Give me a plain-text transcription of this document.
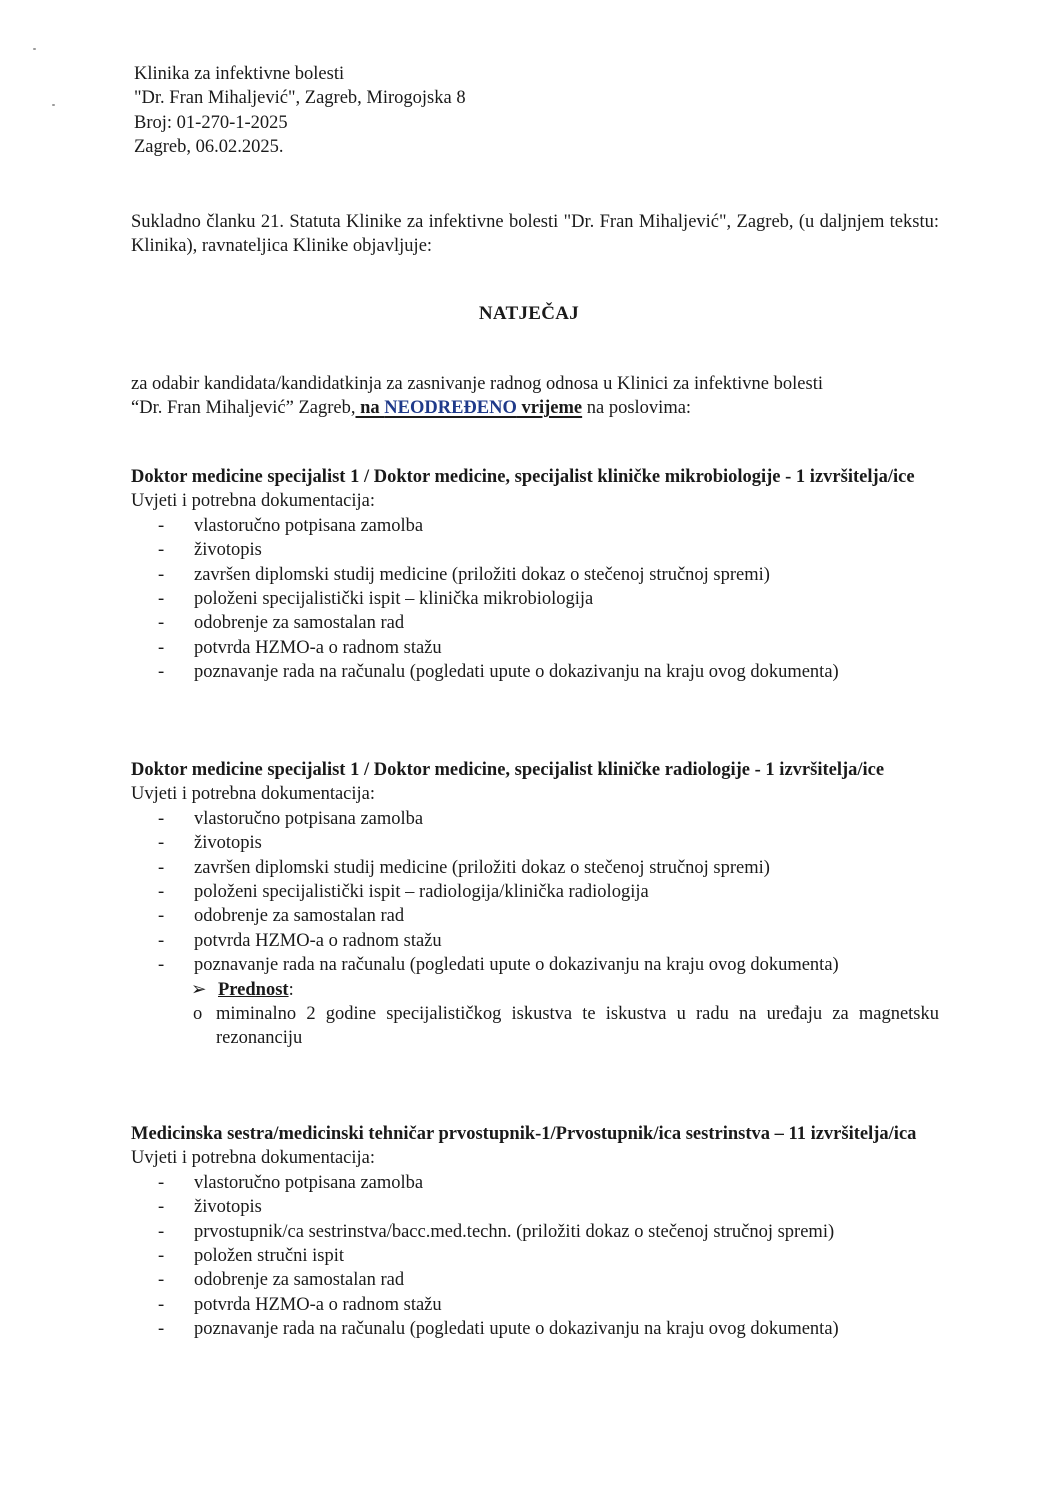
Klinika za infektivne bolesti
"Dr. Fran Mihaljević", Zagreb, Mirogojska 8
Broj: 01-270-1-2025
Zagreb, 06.02.2025.
Sukladno članku 21. Statuta Klinike za infektivne bolesti "Dr. Fran Mihaljević", Zagreb, (u daljnjem tekstu: Klinika), ravnateljica Klinike objavljuje:
NATJEČAJ
za odabir kandidata/kandidatkinja za zasnivanje radnog odnosa u Klinici za infektivne bolesti
“Dr. Fran Mihaljević” Zagreb, na NEODREĐENO vrijeme na poslovima:
Doktor medicine specijalist 1 / Doktor medicine, specijalist kliničke mikrobiologije - 1 izvršitelja/ice
Uvjeti i potrebna dokumentacija:
- vlastoručno potpisana zamolba
- životopis
- završen diplomski studij medicine (priložiti dokaz o stečenoj stručnoj spremi)
- položeni specijalistički ispit – klinička mikrobiologija
- odobrenje za samostalan rad
- potvrda HZMO-a o radnom stažu
- poznavanje rada na računalu (pogledati upute o dokazivanju na kraju ovog dokumenta)
Doktor medicine specijalist 1 / Doktor medicine, specijalist kliničke radiologije - 1 izvršitelja/ice
Uvjeti i potrebna dokumentacija:
- vlastoručno potpisana zamolba
- životopis
- završen diplomski studij medicine (priložiti dokaz o stečenoj stručnoj spremi)
- položeni specijalistički ispit – radiologija/klinička radiologija
- odobrenje za samostalan rad
- potvrda HZMO-a o radnom stažu
- poznavanje rada na računalu (pogledati upute o dokazivanju na kraju ovog dokumenta)
➢ Prednost:
o miminalno 2 godine specijalističkog iskustva te iskustva u radu na uređaju za magnetsku rezonanciju
Medicinska sestra/medicinski tehničar prvostupnik-1/Prvostupnik/ica sestrinstva – 11 izvršitelja/ica
Uvjeti i potrebna dokumentacija:
- vlastoručno potpisana zamolba
- životopis
- prvostupnik/ca sestrinstva/bacc.med.techn. (priložiti dokaz o stečenoj stručnoj spremi)
- položen stručni ispit
- odobrenje za samostalan rad
- potvrda HZMO-a o radnom stažu
- poznavanje rada na računalu (pogledati upute o dokazivanju na kraju ovog dokumenta)
